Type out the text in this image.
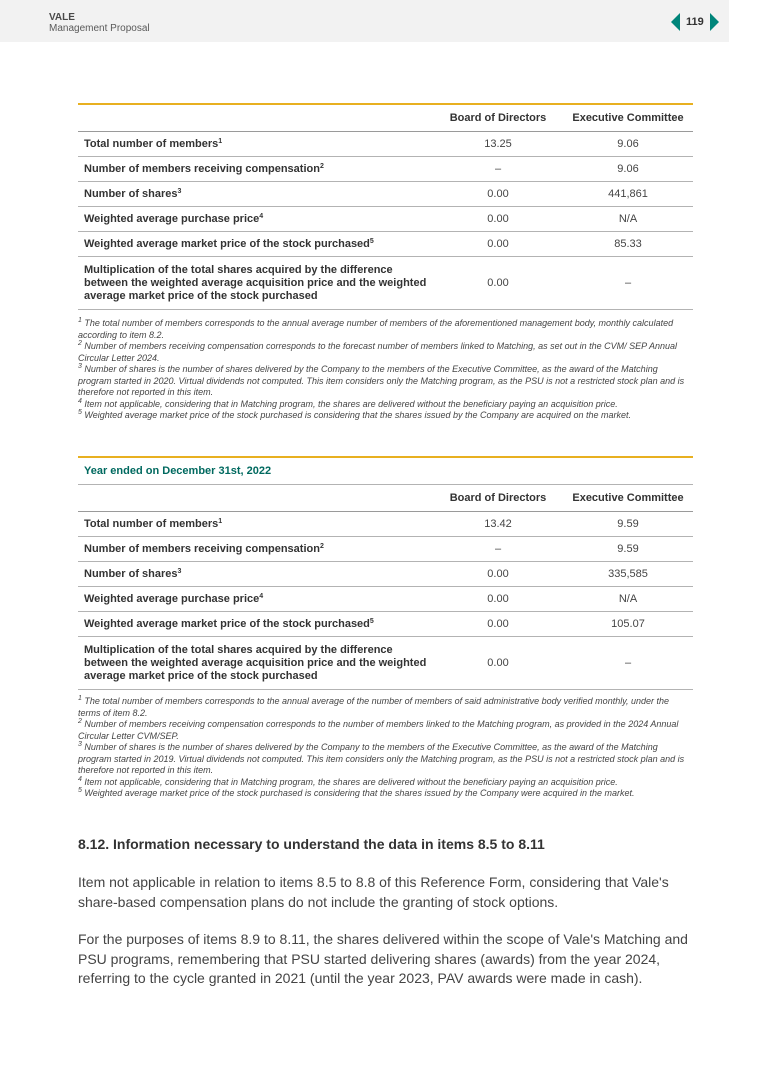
VALE
Management Proposal
119
	Board of Directors	Executive Committee
Total number of members$^1$	13.25	9.06
Number of members receiving compensation$^2$	–	9.06
Number of shares$^3$	0.00	441,861
Weighted average purchase price$^4$	0.00	N/A
Weighted average market price of the stock purchased$^5$	0.00	85.33
Multiplication of the total shares acquired by the difference between the weighted average acquisition price and the weighted average market price of the stock purchased	0.00	–

$^1$ The total number of members corresponds to the annual average number of members of the aforementioned management body, monthly calculated according to item 8.2.

$^2$ Number of members receiving compensation corresponds to the forecast number of members linked to Matching, as set out in the CVM/ SEP Annual Circular Letter 2024.

$^3$ Number of shares is the number of shares delivered by the Company to the members of the Executive Committee, as the award of the Matching program started in 2020. Virtual dividends not computed. This item considers only the Matching program, as the PSU is not a restricted stock plan and is therefore not reported in this item.

$^4$ Item not applicable, considering that in Matching program, the shares are delivered without the beneficiary paying an acquisition price.

$^5$ Weighted average market price of the stock purchased is considering that the shares issued by the Company are acquired on the market.

Year ended on December 31st, 2022		
	Board of Directors	Executive Committee
Total number of members$^1$	13.42	9.59
Number of members receiving compensation$^2$	–	9.59
Number of shares$^3$	0.00	335,585
Weighted average purchase price$^4$	0.00	N/A
Weighted average market price of the stock purchased$^5$	0.00	105.07
Multiplication of the total shares acquired by the difference between the weighted average acquisition price and the weighted average market price of the stock purchased	0.00	–

$^1$ The total number of members corresponds to the annual average of the number of members of said administrative body verified monthly, under the terms of item 8.2.

$^2$ Number of members receiving compensation corresponds to the number of members linked to the Matching program, as provided in the 2024 Annual Circular Letter CVM/SEP.

$^3$ Number of shares is the number of shares delivered by the Company to the members of the Executive Committee, as the award of the Matching program started in 2019. Virtual dividends not computed. This item considers only the Matching program, as the PSU is not a restricted stock plan and is therefore not reported in this item.

$^4$ Item not applicable, considering that in Matching program, the shares are delivered without the beneficiary paying an acquisition price.

$^5$ Weighted average market price of the stock purchased is considering that the shares issued by the Company were acquired in the market.

8.12. Information necessary to understand the data in items 8.5 to 8.11

Item not applicable in relation to items 8.5 to 8.8 of this Reference Form, considering that Vale's share-based compensation plans do not include the granting of stock options.

For the purposes of items 8.9 to 8.11, the shares delivered within the scope of Vale's Matching and PSU programs, remembering that PSU started delivering shares (awards) from the year 2024, referring to the cycle granted in 2021 (until the year 2023, PAV awards were made in cash).
